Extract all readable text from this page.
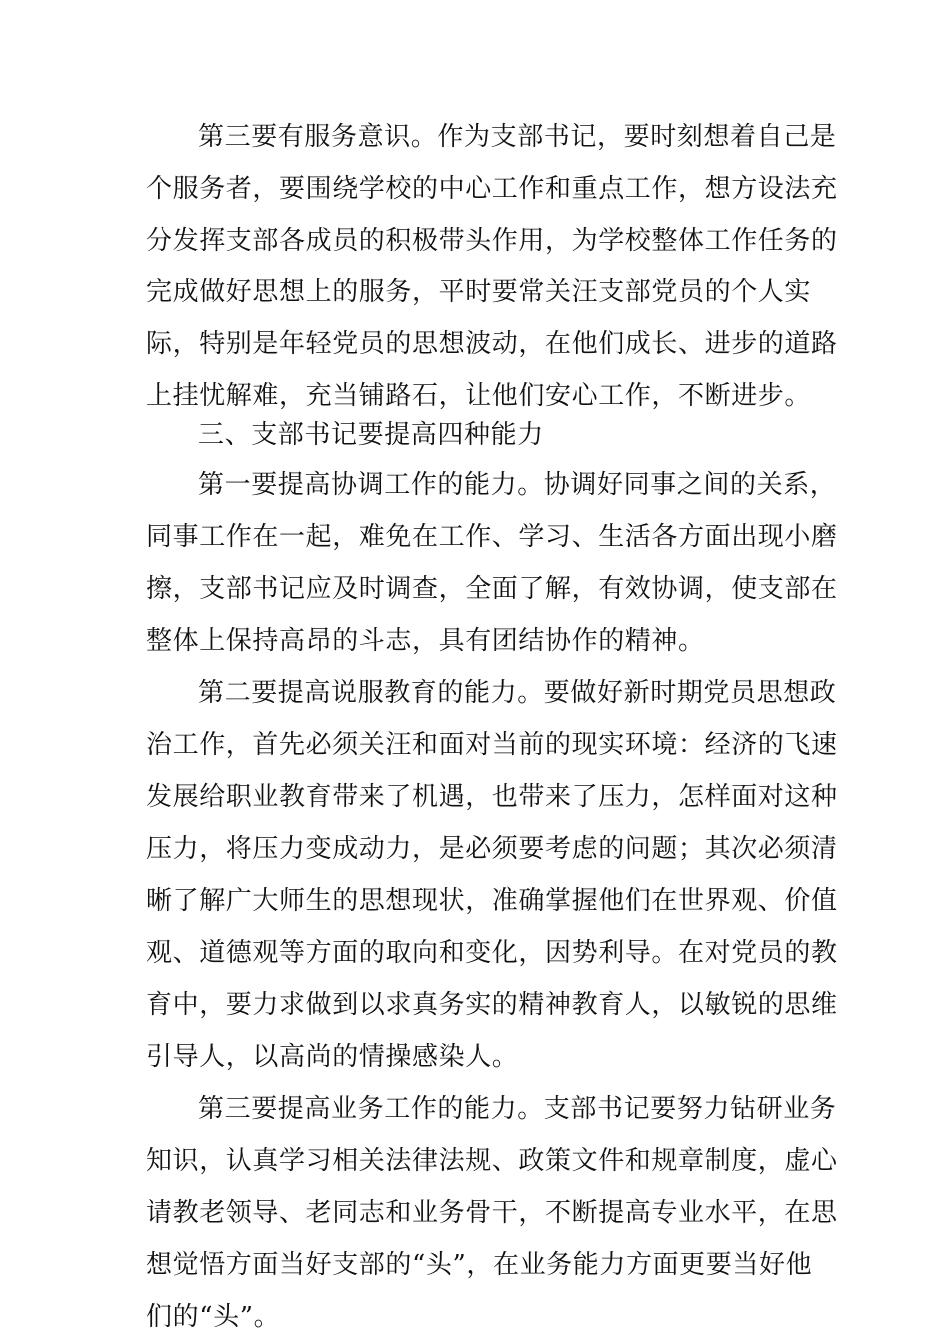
第三要有服务意识。作为支部书记，要时刻想着自己是
个服务者，要围绕学校的中心工作和重点工作，想方设法充
分发挥支部各成员的积极带头作用，为学校整体工作任务的
完成做好思想上的服务，平时要常关汪支部党员的个人实
际，特别是年轻党员的思想波动，在他们成长、进步的道路
上挂忧解难，充当铺路石，让他们安心工作，不断进步。
三、支部书记要提高四种能力
第一要提高协调工作的能力。协调好同事之间的关系，
同事工作在一起，难免在工作、学习、生活各方面出现小磨
擦，支部书记应及时调查，全面了解，有效协调，使支部在
整体上保持高昂的斗志，具有团结协作的精神。
第二要提高说服教育的能力。要做好新时期党员思想政
治工作，首先必须关汪和面对当前的现实环境：经济的飞速
发展给职业教育带来了机遇，也带来了压力，怎样面对这种
压力，将压力变成动力，是必须要考虑的问题；其次必须清
晰了解广大师生的思想现状，准确掌握他们在世界观、价值
观、道德观等方面的取向和变化，因势利导。在对党员的教
育中，要力求做到以求真务实的精神教育人，以敏锐的思维
引导人，以高尚的情操感染人。
第三要提高业务工作的能力。支部书记要努力钻研业务
知识，认真学习相关法律法规、政策文件和规章制度，虚心
请教老领导、老同志和业务骨干，不断提高专业水平，在思
想觉悟方面当好支部的“头”，在业务能力方面更要当好他
们的“头”。
